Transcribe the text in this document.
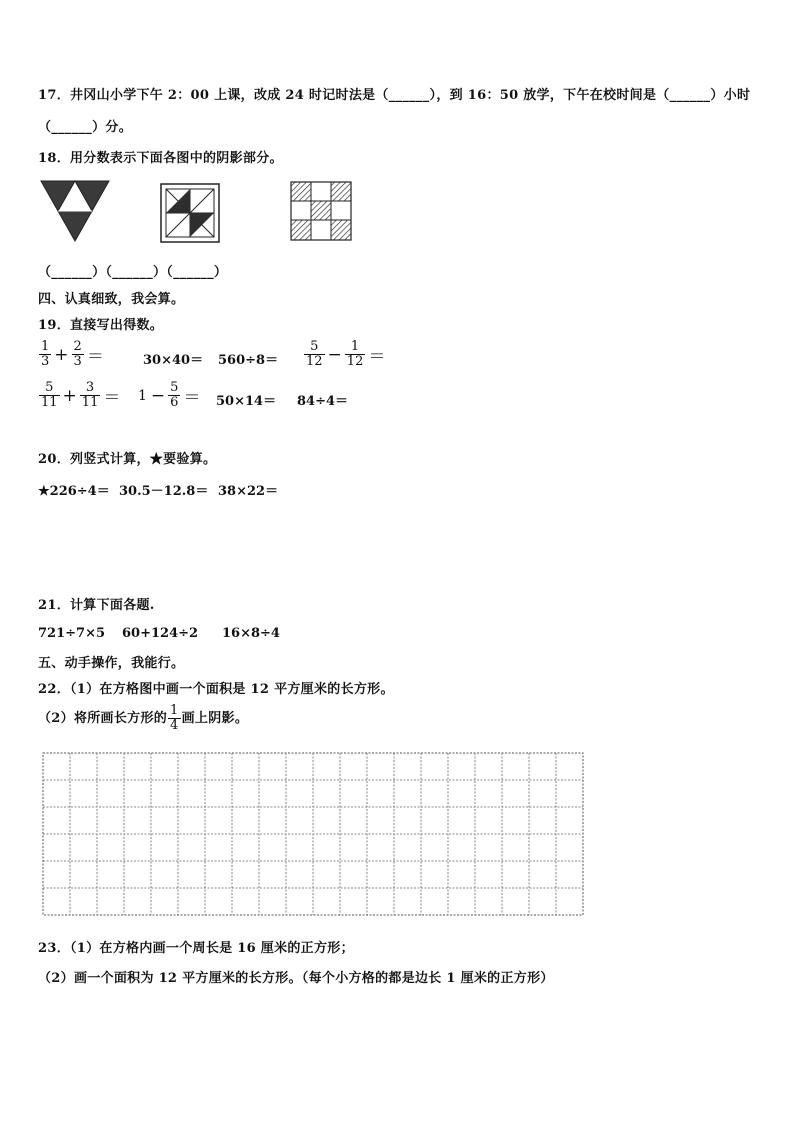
17．井冈山小学下午 2：00 上课，改成 24 时记时法是（______），到 16：50 放学，下午在校时间是（______）小时
（______）分。
18．用分数表示下面各图中的阴影部分。
（______）（______）（______）
四、认真细致，我会算。
19．直接写出得数。
$\frac{1}{3} + \frac{2}{3}$ ＝	$30\times 40= 560\div 8= \frac{5}{12} - \frac{1}{12}$ ＝
$\frac{5}{11} + \frac{3}{11} = 1 - \frac{5}{6} = 50\times 14= 84\div 4=$
20．列竖式计算，★要验算。
★226÷4＝ 30.5－12.8＝ 38×22＝
21．计算下面各题.
721÷7×5 60+124÷2 16×8÷4
五、动手操作，我能行。
22．（1）在方格图中画一个面积是 12 平方厘米的长方形。
（2）将所画长方形的 $\frac{1}{4}$ 画上阴影。
23．（1）在方格内画一个周长是 16 厘米的正方形；
（2）画一个面积为 12 平方厘米的长方形。（每个小方格的都是边长 1 厘米的正方形）
